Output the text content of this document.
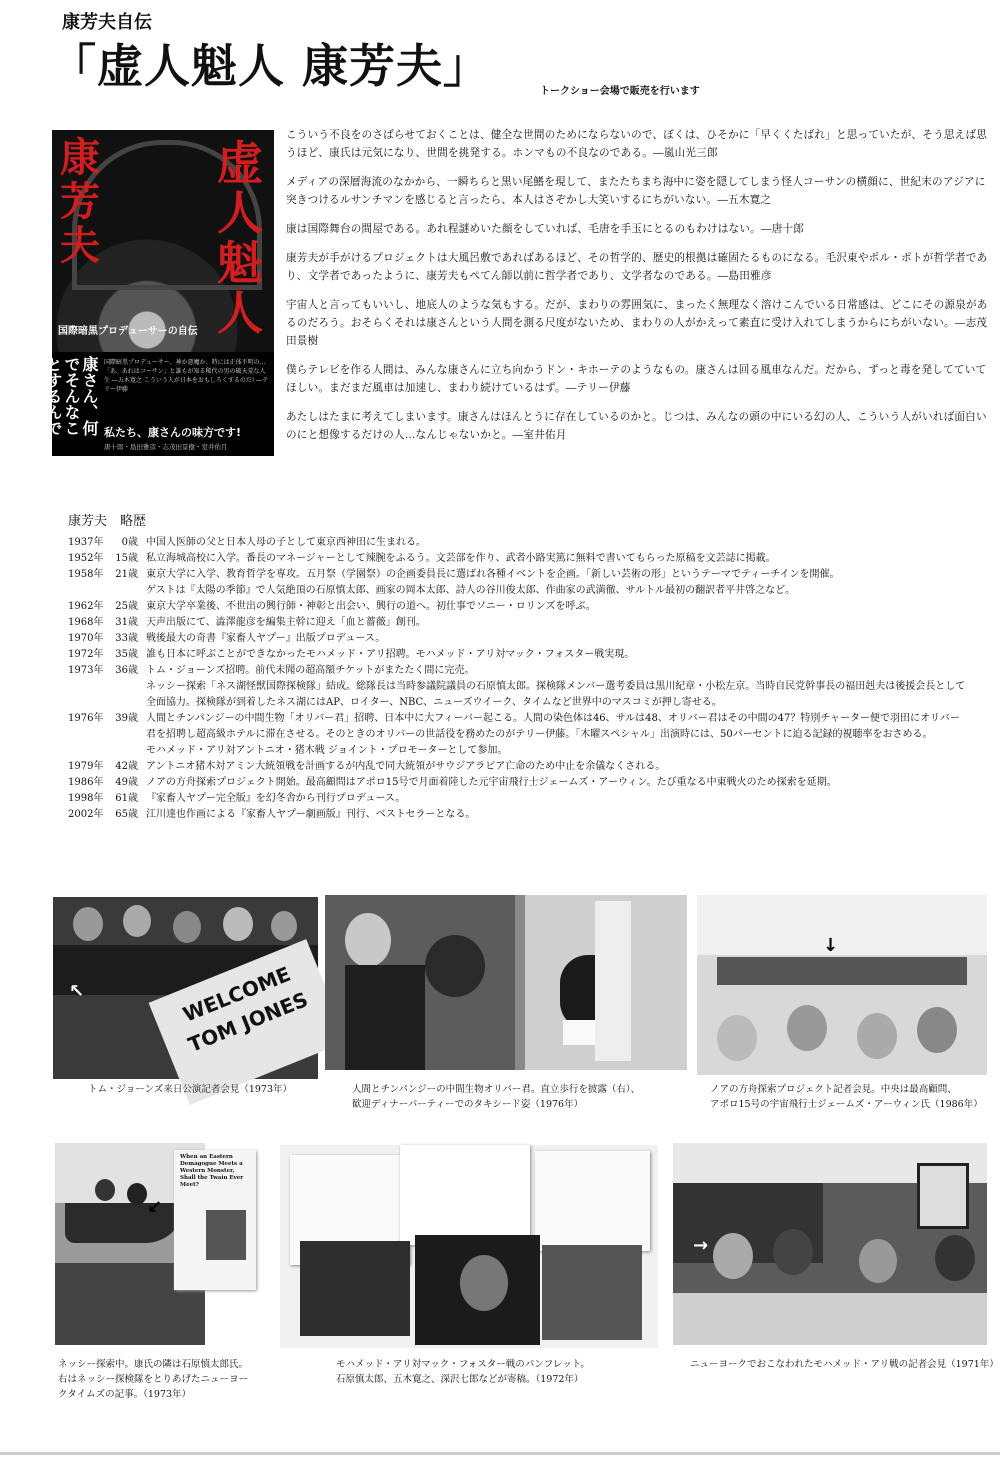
康芳夫自伝
「虚人魁人 康芳夫」	トークショー会場で販売を行います
康芳夫
虚人魁人
国際暗黒プロデューサーの自伝
康さん、何でそんなことするんですか?	国際暗黒プロデューサー、神か悪魔か、時には正体不明の… 「あ、あれはコーサン」と誰もが知る稀代の男の破天荒な人生 ―五木寛之 こういう人が日本をおもしろくするのだ! ―テリー伊藤
私たち、康さんの味方です!
唐十郎・島田雅彦・志茂田景樹・室井佑月

こういう不良をのさばらせておくことは、健全な世間のためにならないので、ぼくは、ひそかに「早くくたばれ」と思っていたが、そう思えば思うほど、康氏は元気になり、世間を挑発する。ホンマもの不良なのである。―嵐山光三郎

メディアの深層海流のなかから、一瞬ちらと黒い尾鰭を現して、またたちまち海中に姿を隠してしまう怪人コーサンの横顔に、世紀末のアジアに突きつけるルサンチマンを感じると言ったら、本人はさぞかし大笑いするにちがいない。―五木寛之

康は国際舞台の間屋である。あれ程謎めいた顔をしていれば、毛唐を手玉にとるのもわけはない。―唐十郎

康芳夫が手がけるプロジェクトは大風呂敷であればあるほど、その哲学的、歴史的根拠は確固たるものになる。毛沢東やポル・ポトが哲学者であり、文学者であったように、康芳夫もぺてん師以前に哲学者であり、文学者なのである。―島田雅彦

宇宙人と言ってもいいし、地底人のような気もする。だが、まわりの雰囲気に、まったく無理なく溶けこんでいる日常感は、どこにその源泉があるのだろう。おそらくそれは康さんという人間を測る尺度がないため、まわりの人がかえって素直に受け入れてしまうからにちがいない。―志茂田景樹

僕らテレビを作る人間は、みんな康さんに立ち向かうドン・キホーテのようなもの。康さんは回る風車なんだ。だから、ずっと毒を発してていてほしい。まだまだ風車は加速し、まわり続けているはず。―テリー伊藤

あたしはたまに考えてしまいます。康さんはほんとうに存在しているのかと。じつは、みんなの頭の中にいる幻の人、こういう人がいれば面白いのにと想像するだけの人…なんじゃないかと。―室井佑月

康芳夫　略歴
1937年	0歳 中国人医師の父と日本人母の子として東京西神田に生まれる。
1952年	15歳 私立海城高校に入学。番長のマネージャーとして辣腕をふるう。文芸部を作り、武者小路実篤に無料で書いてもらった原稿を文芸誌に掲載。
1958年	21歳 東京大学に入学、教育哲学を専攻。五月祭（学園祭）の企画委員長に選ばれ各種イベントを企画。「新しい芸術の形」というテーマでティーチインを開催。
ゲストは『太陽の季節』で人気絶頂の石原慎太郎、画家の岡本太郎、詩人の谷川俊太郎、作曲家の武満徹、サルトル最初の翻訳者平井啓之など。
1962年	25歳 東京大学卒業後、不世出の興行師・神彰と出会い、興行の道へ。初仕事でソニー・ロリンズを呼ぶ。
1968年	31歳 天声出版にて、澁澤龍彦を編集主幹に迎え「血と薔薇」創刊。
1970年	33歳 戦後最大の奇書『家畜人ヤプー』出版プロデュース。
1972年	35歳 誰も日本に呼ぶことができなかったモハメッド・アリ招聘。モハメッド・アリ対マック・フォスター戦実現。
1973年	36歳 トム・ジョーンズ招聘。前代未聞の超高額チケットがまたたく間に完売。
ネッシー探索「ネス湖怪獣国際探検隊」結成。総隊長は当時参議院議員の石原慎太郎。探検隊メンバー選考委員は黒川紀章・小松左京。当時自民党幹事長の福田赳夫は後援会長として全面協力。探検隊が到着したネス湖にはAP、ロイター、NBC、ニューズウイーク、タイムなど世界中のマスコミが押し寄せる。
1976年	39歳 人間とチンパンジーの中間生物「オリバー君」招聘、日本中に大フィーバー起こる。人間の染色体は46、サルは48、オリバー君はその中間の47？特別チャーター便で羽田にオリバー君を招聘し超高級ホテルに滞在させる。そのときのオリバーの世話役を務めたのがテリー伊藤。「木曜スペシャル」出演時には、50パーセントに迫る記録的視聴率をおさめる。
モハメッド・アリ対アントニオ・猪木戦 ジョイント・プロモーターとして参加。
1979年	42歳 アントニオ猪木対アミン大統領戦を計画するが内乱で同大統領がサウジアラビア亡命のため中止を余儀なくされる。
1986年	49歳 ノアの方舟探索プロジェクト開始。最高顧問はアポロ15号で月面着陸した元宇宙飛行士ジェームズ・アーウィン。たび重なる中東戦火のため探索を延期。
1998年	61歳 『家畜人ヤプー完全版』を幻冬舎から刊行プロデュース。
2002年	65歳 江川達也作画による『家畜人ヤプー劇画版』刊行、ベストセラーとなる。
WELCOME TOM JONES
↖
トム・ジョーンズ来日公演記者会見（1973年）	人間とチンパンジーの中間生物オリバー君。直立歩行を披露（右）、
歓迎ディナーパーティーでのタキシード姿（1976年）
↓
ノアの方舟探索プロジェクト記者会見。中央は最高顧問、
アポロ15号の宇宙飛行士ジェームズ・アーウィン氏（1986年）
↙
When an Eastern Demagogue Meets a Western Monster, Shall the Twain Ever Meet?
ネッシー探索中。康氏の隣は石原慎太郎氏。
右はネッシー探検隊をとりあげたニューヨー
クタイムズの記事。（1973年）
モハメッド・アリ対マック・フォスター戦のパンフレット。
石原慎太郎、五木寛之、深沢七郎などが寄稿。（1972年）
→
ニューヨークでおこなわれたモハメッド・アリ戦の記者会見（1971年）
